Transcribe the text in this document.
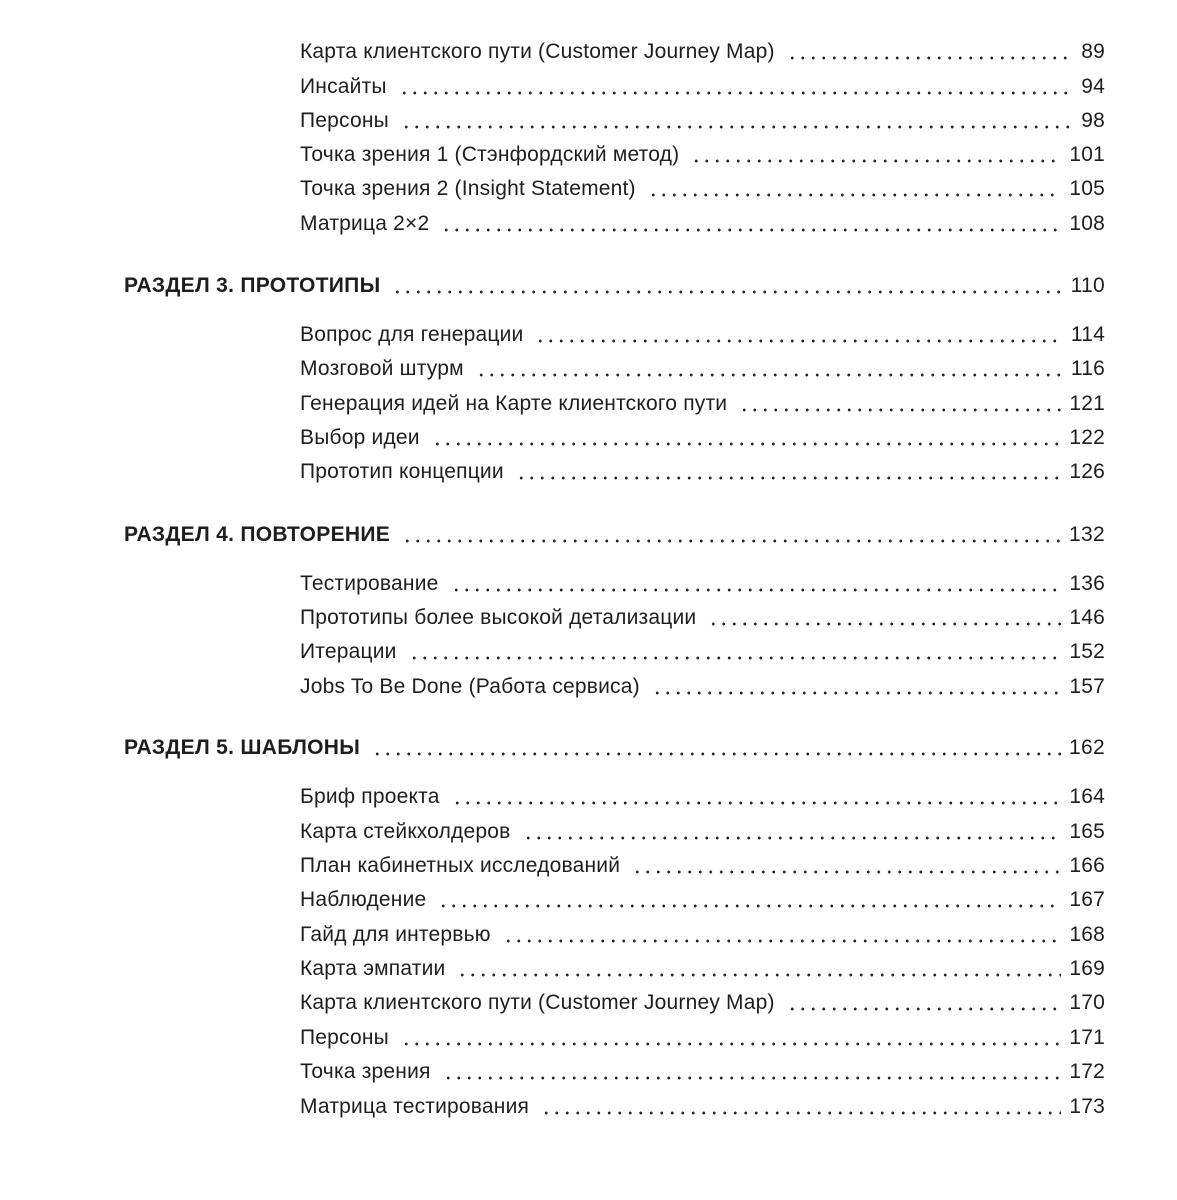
Карта клиентского пути (Customer Journey Map)	89
Инсайты	94
Персоны	98
Точка зрения 1 (Стэнфордский метод)	101
Точка зрения 2 (Insight Statement)	105
Матрица 2×2	108
РАЗДЕЛ 3. ПРОТОТИПЫ	110
Вопрос для генерации	114
Мозговой штурм	116
Генерация идей на Карте клиентского пути	121
Выбор идеи	122
Прототип концепции	126
РАЗДЕЛ 4. ПОВТОРЕНИЕ	132
Тестирование	136
Прототипы более высокой детализации	146
Итерации	152
Jobs To Be Done (Работа сервиса)	157
РАЗДЕЛ 5. ШАБЛОНЫ	162
Бриф проекта	164
Карта стейкхолдеров	165
План кабинетных исследований	166
Наблюдение	167
Гайд для интервью	168
Карта эмпатии	169
Карта клиентского пути (Customer Journey Map)	170
Персоны	171
Точка зрения	172
Матрица тестирования	173
